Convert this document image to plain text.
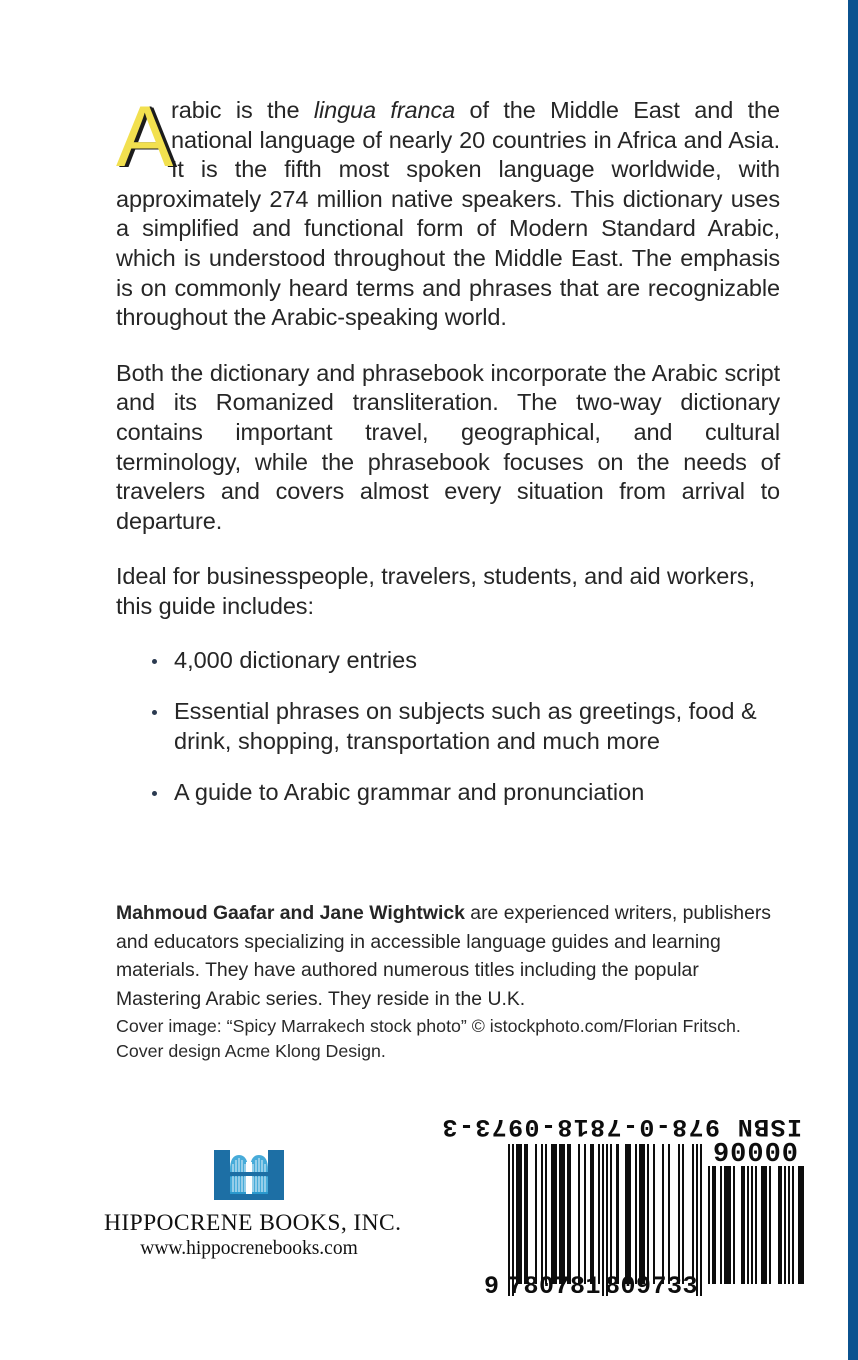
A
rabic is the lingua franca of the Middle East and the national language of nearly 20 countries in Africa and Asia. It is the fifth most spoken language worldwide, with approximately 274 million native speakers. This dictionary uses a simplified and functional form of Modern Standard Arabic, which is understood throughout the Middle East. The emphasis is on commonly heard terms and phrases that are recognizable throughout the Arabic-speaking world.

Both the dictionary and phrasebook incorporate the Arabic script and its Romanized transliteration. The two-way dictionary contains important travel, geographical, and cultural terminology, while the phrasebook focuses on the needs of travelers and covers almost every situation from arrival to departure.

Ideal for businesspeople, travelers, students, and aid workers, this guide includes:

4,000 dictionary entries
Essential phrases on subjects such as greetings, food & drink, shopping, transportation and much more
A guide to Arabic grammar and pronunciation

Mahmoud Gaafar and Jane Wightwick are experienced writers, publishers and educators specializing in accessible language guides and learning materials. They have authored numerous titles including the popular Mastering Arabic series. They reside in the U.K.

Cover image: “Spicy Marrakech stock photo” © istockphoto.com/Florian Fritsch.
Cover design Acme Klong Design.
HIPPOCRENE BOOKS, INC.
www.hippocrenebooks.com
ISBN 978-0-7818-0973-3
90000
9 780781 809733
